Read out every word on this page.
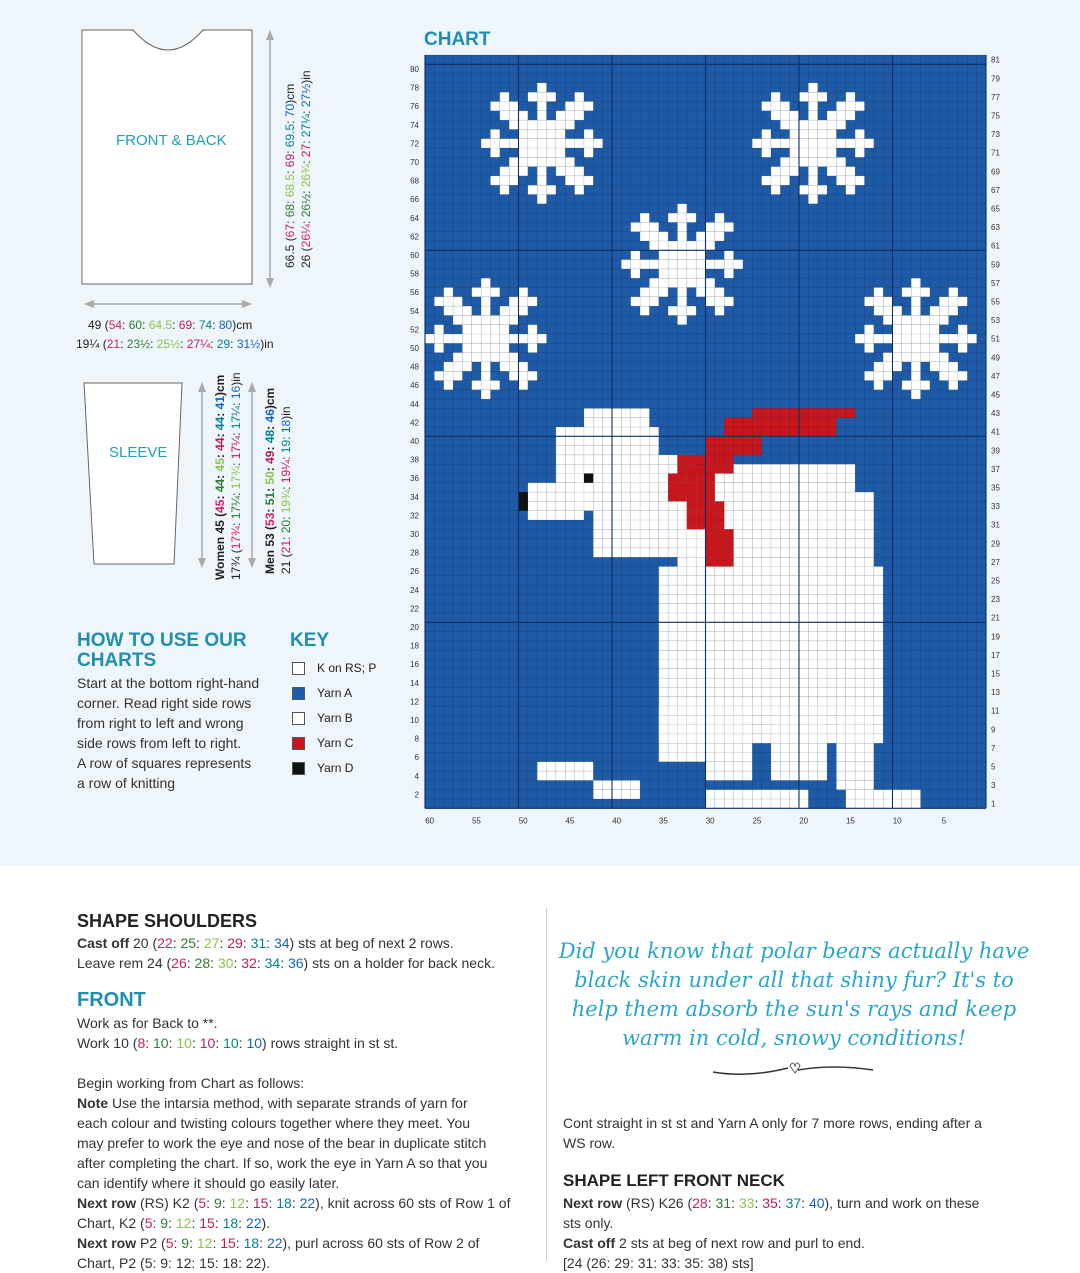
FRONT & BACK
66.5 (67: 68: 68.5: 69: 69.5: 70)cm
26 (26¼: 26½: 26¾: 27: 27¼: 27½)in
49 (54: 60: 64.5: 69: 74: 80)cm
19¼ (21: 23½: 25½: 27¼: 29: 31½)in
SLEEVE
Women 45 (45: 44: 45: 44: 44: 41)cm
17¾ (17¾: 17¼: 17¾: 17¼: 17¼: 16)in
Men 53 (53: 51: 50: 49: 48: 46)cm
21 (21: 20: 19¾: 19¼: 19: 18)in
HOW TO USE OUR
CHARTS
Start at the bottom right-hand
corner. Read right side rows
from right to left and wrong
side rows from left to right.
A row of squares represents
a row of knitting
KEY
K on RS; P
Yarn A
Yarn B
Yarn C
Yarn D
CHART
80
78
76
74
72
70
68
66
64
62
60
58
56
54
52
50
48
46
44
42
40
38
36
34
32
30
28
26
24
22
20
18
16
14
12
10
8
6
4
2
81
79
77
75
73
71
69
67
65
63
61
59
57
55
53
51
49
47
45
43
41
39
37
35
33
31
29
27
25
23
21
19
17
15
13
11
9
7
5
3
1
60	55	50	45	40	35	30	25	20	15	10	5
SHAPE SHOULDERS
Cast off 20 (22: 25: 27: 29: 31: 34) sts at beg of next 2 rows.
Leave rem 24 (26: 28: 30: 32: 34: 36) sts on a holder for back neck.
FRONT
Work as for Back to **.
Work 10 (8: 10: 10: 10: 10: 10) rows straight in st st.
Begin working from Chart as follows:
Note Use the intarsia method, with separate strands of yarn for
each colour and twisting colours together where they meet. You
may prefer to work the eye and nose of the bear in duplicate stitch
after completing the chart. If so, work the eye in Yarn A so that you
can identify where it should go easily later.
Next row (RS) K2 (5: 9: 12: 15: 18: 22), knit across 60 sts of Row 1 of
Chart, K2 (5: 9: 12: 15: 18: 22).
Next row P2 (5: 9: 12: 15: 18: 22), purl across 60 sts of Row 2 of
Chart, P2 (5: 9: 12: 15: 18: 22).
Did you know that polar bears actually have
black skin under all that shiny fur? It's to
help them absorb the sun's rays and keep
warm in cold, snowy conditions!
Cont straight in st st and Yarn A only for 7 more rows, ending after a
WS row.
SHAPE LEFT FRONT NECK
Next row (RS) K26 (28: 31: 33: 35: 37: 40), turn and work on these
sts only.
Cast off 2 sts at beg of next row and purl to end.
[24 (26: 29: 31: 33: 35: 38) sts]
